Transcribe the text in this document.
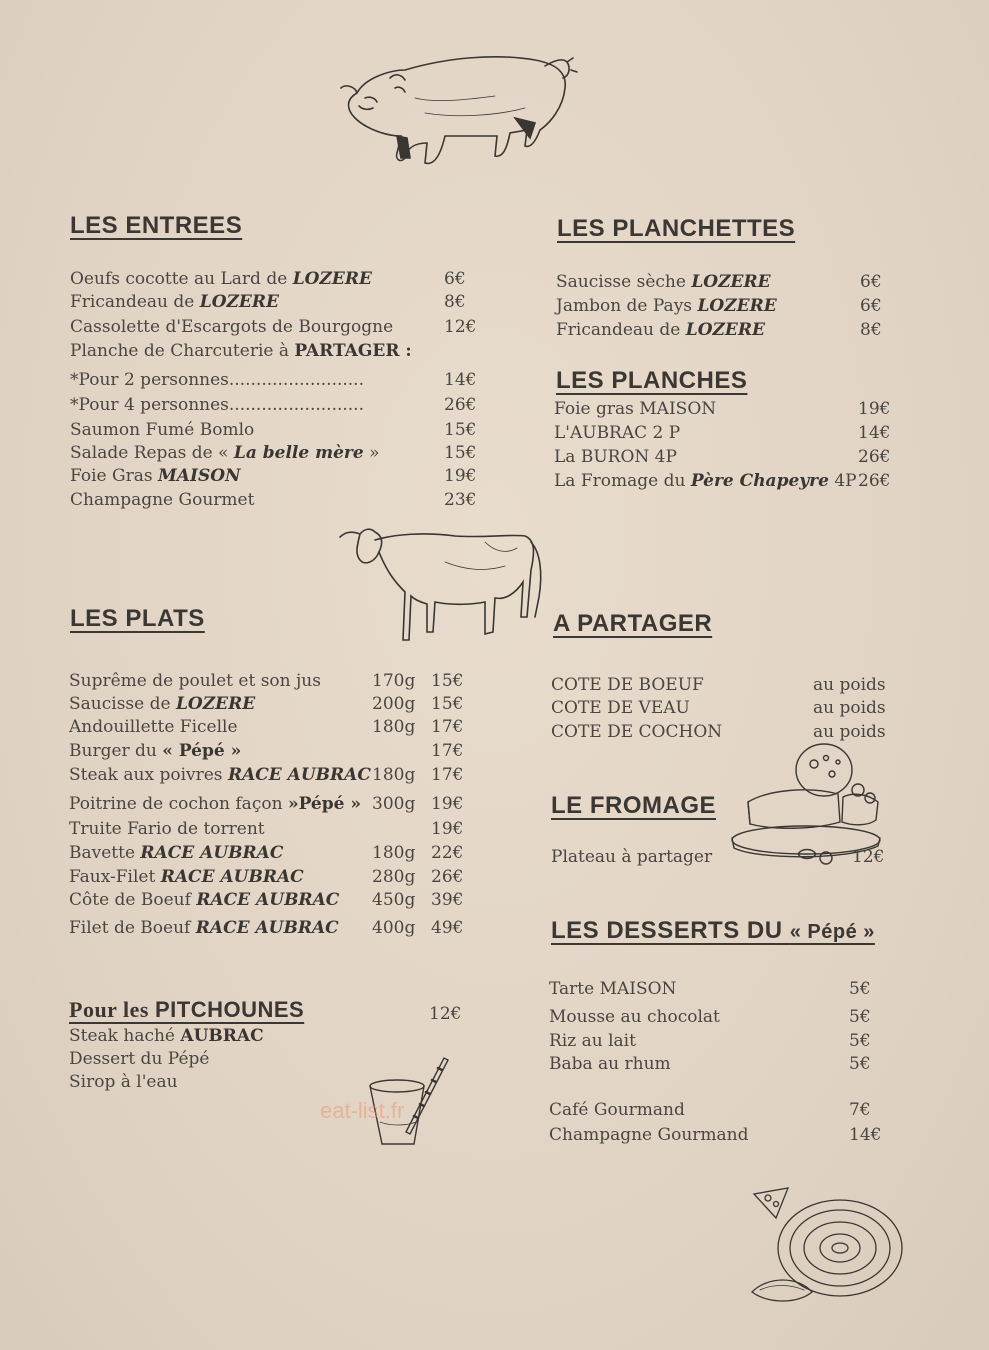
LES ENTREES
Oeufs cocotte au Lard de LOZERE	6€
Fricandeau de LOZERE	8€
Cassolette d'Escargots de Bourgogne	12€
Planche de Charcuterie à PARTAGER :
*Pour 2 personnes.........................	14€
*Pour 4 personnes.........................	26€
Saumon Fumé Bomlo	15€
Salade Repas de « La belle mère »	15€
Foie Gras MAISON	19€
Champagne Gourmet	23€
LES PLANCHETTES
Saucisse sèche LOZERE	6€
Jambon de Pays LOZERE	6€
Fricandeau de LOZERE	8€
LES PLANCHES
Foie gras MAISON	19€
L'AUBRAC 2 P	14€
La BURON 4P	26€
La Fromage du Père Chapeyre 4P 26€
LES PLATS
Suprême de poulet et son jus	170g 15€
Saucisse de LOZERE	200g 15€
Andouillette Ficelle	180g 17€
Burger du « Pépé »	17€
Steak aux poivres RACE AUBRAC 180g 17€
Poitrine de cochon façon »Pépé » 300g 19€
Truite Fario de torrent	19€
Bavette RACE AUBRAC	180g 22€
Faux-Filet RACE AUBRAC	280g 26€
Côte de Boeuf RACE AUBRAC 450g 39€
Filet de Boeuf RACE AUBRAC 400g 49€
A PARTAGER
COTE DE BOEUF	au poids
COTE DE VEAU	au poids
COTE DE COCHON	au poids
LE FROMAGE
Plateau à partager	12€
LES DESSERTS DU « Pépé »
Tarte MAISON	5€
Mousse au chocolat	5€
Riz au lait	5€
Baba au rhum	5€
Café Gourmand	7€
Champagne Gourmand	14€
Pour les PITCHOUNES	12€
Steak haché AUBRAC
Dessert du Pépé
Sirop à l'eau
eat-list.fr
